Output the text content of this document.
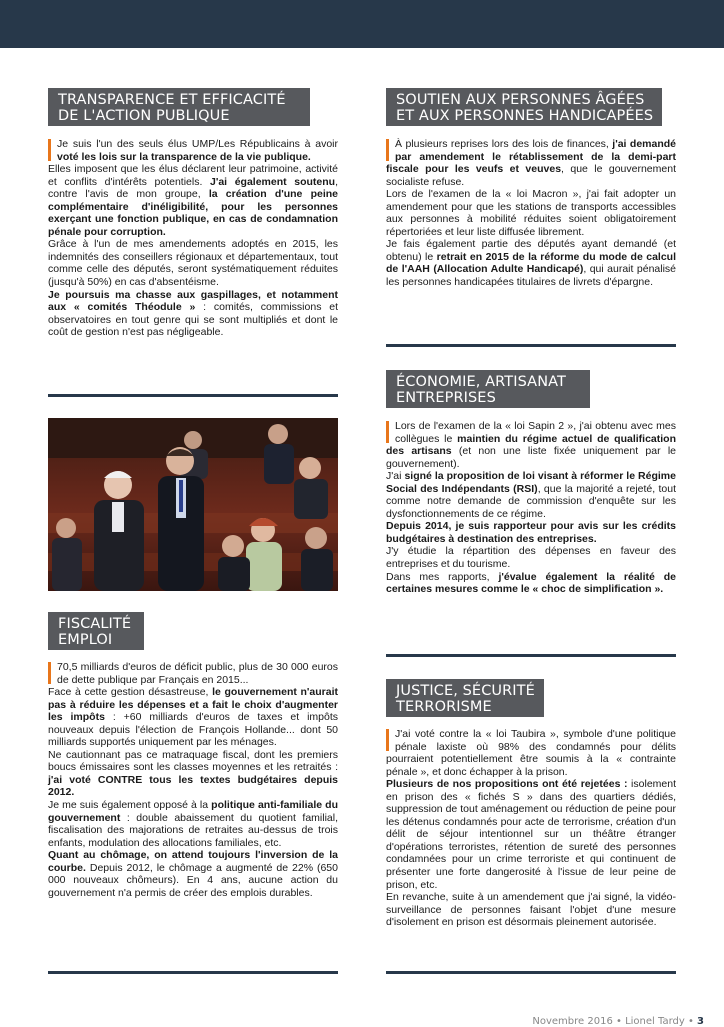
TRANSPARENCE ET EFFICACITÉ
DE L'ACTION PUBLIQUE

Je suis l'un des seuls élus UMP/Les Républicains à avoir voté les lois sur la transparence de la vie publique.

Elles imposent que les élus déclarent leur patrimoine, activité et conflits d'intérêts potentiels. J'ai également soutenu, contre l'avis de mon groupe, la création d'une peine complémentaire d'inéligibilité, pour les personnes exerçant une fonction publique, en cas de condamnation pénale pour corruption.

Grâce à l'un de mes amendements adoptés en 2015, les indemnités des conseillers régionaux et départementaux, tout comme celle des députés, seront systématiquement réduites (jusqu'à 50%) en cas d'absentéisme.

Je poursuis ma chasse aux gaspillages, et notamment aux « comités Théodule » : comités, commissions et observatoires en tout genre qui se sont multipliés et dont le coût de gestion n'est pas négligeable.

FISCALITÉ
EMPLOI

70,5 milliards d'euros de déficit public, plus de 30 000 euros de dette publique par Français en 2015...

Face à cette gestion désastreuse, le gouvernement n'aurait pas à réduire les dépenses et a fait le choix d'augmenter les impôts : +60 milliards d'euros de taxes et impôts nouveaux depuis l'élection de François Hollande... dont 50 milliards supportés uniquement par les ménages.

Ne cautionnant pas ce matraquage fiscal, dont les premiers boucs émissaires sont les classes moyennes et les retraités : j'ai voté CONTRE tous les textes budgétaires depuis 2012.

Je me suis également opposé à la politique anti-familiale du gouvernement : double abaissement du quotient familial, fiscalisation des majorations de retraites au-dessus de trois enfants, modulation des allocations familiales, etc.

Quant au chômage, on attend toujours l'inversion de la courbe. Depuis 2012, le chômage a augmenté de 22% (650 000 nouveaux chômeurs). En 4 ans, aucune action du gouvernement n'a permis de créer des emplois durables.

SOUTIEN AUX PERSONNES ÂGÉES
ET AUX PERSONNES HANDICAPÉES

À plusieurs reprises lors des lois de finances, j'ai demandé par amendement le rétablissement de la demi-part fiscale pour les veufs et veuves, que le gouvernement socialiste refuse.

Lors de l'examen de la « loi Macron », j'ai fait adopter un amendement pour que les stations de transports accessibles aux personnes à mobilité réduites soient obligatoirement répertoriées et leur liste diffusée librement.

Je fais également partie des députés ayant demandé (et obtenu) le retrait en 2015 de la réforme du mode de calcul de l'AAH (Allocation Adulte Handicapé), qui aurait pénalisé les personnes handicapées titulaires de livrets d'épargne.

ÉCONOMIE, ARTISANAT
ENTREPRISES

Lors de l'examen de la « loi Sapin 2 », j'ai obtenu avec mes collègues le maintien du régime actuel de qualification des artisans (et non une liste fixée uniquement par le gouvernement).

J'ai signé la proposition de loi visant à réformer le Régime Social des Indépendants (RSI), que la majorité a rejeté, tout comme notre demande de commission d'enquête sur les dysfonctionnements de ce régime.

Depuis 2014, je suis rapporteur pour avis sur les crédits budgétaires à destination des entreprises.

J'y étudie la répartition des dépenses en faveur des entreprises et du tourisme.

Dans mes rapports, j'évalue également la réalité de certaines mesures comme le « choc de simplification ».

JUSTICE, SÉCURITÉ
TERRORISME

J'ai voté contre la « loi Taubira », symbole d'une politique pénale laxiste où 98% des condamnés pour délits pourraient potentiellement être soumis à la « contrainte pénale », et donc échapper à la prison.

Plusieurs de nos propositions ont été rejetées : isolement en prison des « fichés S » dans des quartiers dédiés, suppression de tout aménagement ou réduction de peine pour les détenus condamnés pour acte de terrorisme, création d'un délit de séjour intentionnel sur un théâtre étranger d'opérations terroristes, rétention de sureté des personnes condamnées pour un crime terroriste et qui continuent de présenter une forte dangerosité à l'issue de leur peine de prison, etc.

En revanche, suite à un amendement que j'ai signé, la vidéo-surveillance de personnes faisant l'objet d'une mesure d'isolement en prison est désormais pleinement autorisée.

Novembre 2016 • Lionel Tardy • 3
